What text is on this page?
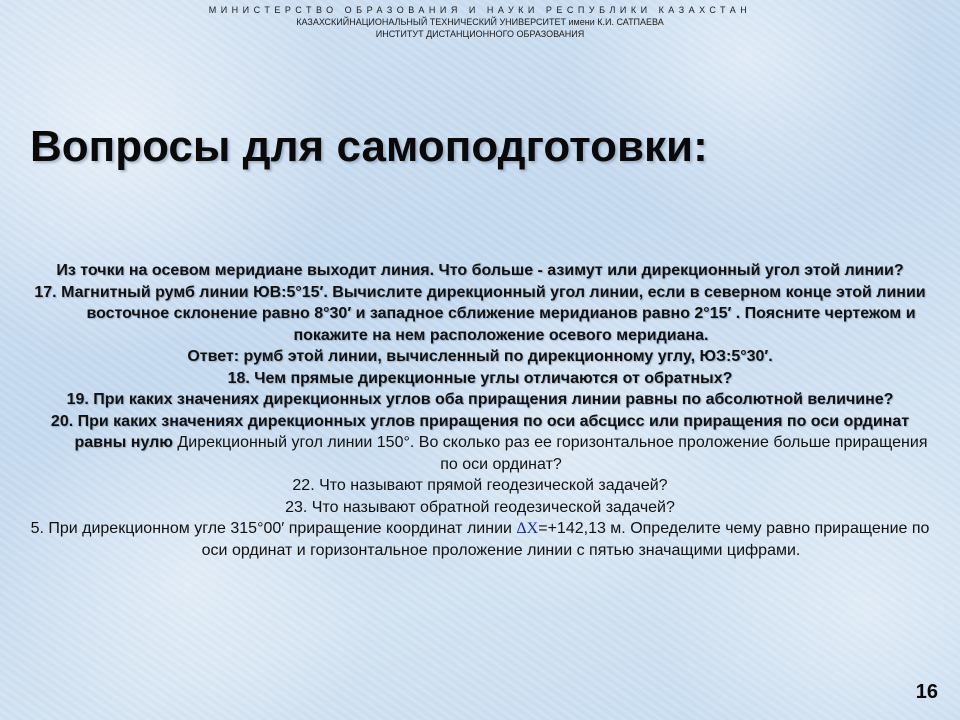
МИНИСТЕРСТВО ОБРАЗОВАНИЯ И НАУКИ РЕСПУБЛИКИ КАЗАХСТАН
КАЗАХСКИЙНАЦИОНАЛЬНЫЙ ТЕХНИЧЕСКИЙ УНИВЕРСИТЕТ имени К.И. САТПАЕВА
ИНСТИТУТ ДИСТАНЦИОННОГО ОБРАЗОВАНИЯ
Вопросы для самоподготовки:

Из точки на осевом меридиане выходит линия. Что больше - азимут или дирекционный угол этой линии?

17. Магнитный румб линии ЮВ:5°15′. Вычислите дирекционный угол линии, если в северном конце этой линии восточное склонение равно 8°30′ и западное сближение меридианов равно 2°15′ . Поясните чертежом и покажите на нем расположение осевого меридиана.

Ответ: румб этой линии, вычисленный по дирекционному углу, ЮЗ:5°30′.

18. Чем прямые дирекционные углы отличаются от обратных?

19. При каких значениях дирекционных углов оба приращения линии равны по абсолютной величине?

20. При каких значениях дирекционных углов приращения по оси абсцисс или приращения по оси ординат равны нулю Дирекционный угол линии 150°. Во сколько раз ее горизонтальное проложение больше приращения по оси ординат?

22. Что называют прямой геодезической задачей?

23. Что называют обратной геодезической задачей?

5. При дирекционном угле 315°00′ приращение координат линии ΔX=+142,13 м. Определите чему равно приращение по оси ординат и горизонтальное проложение линии с пятью значащими цифрами.

16
